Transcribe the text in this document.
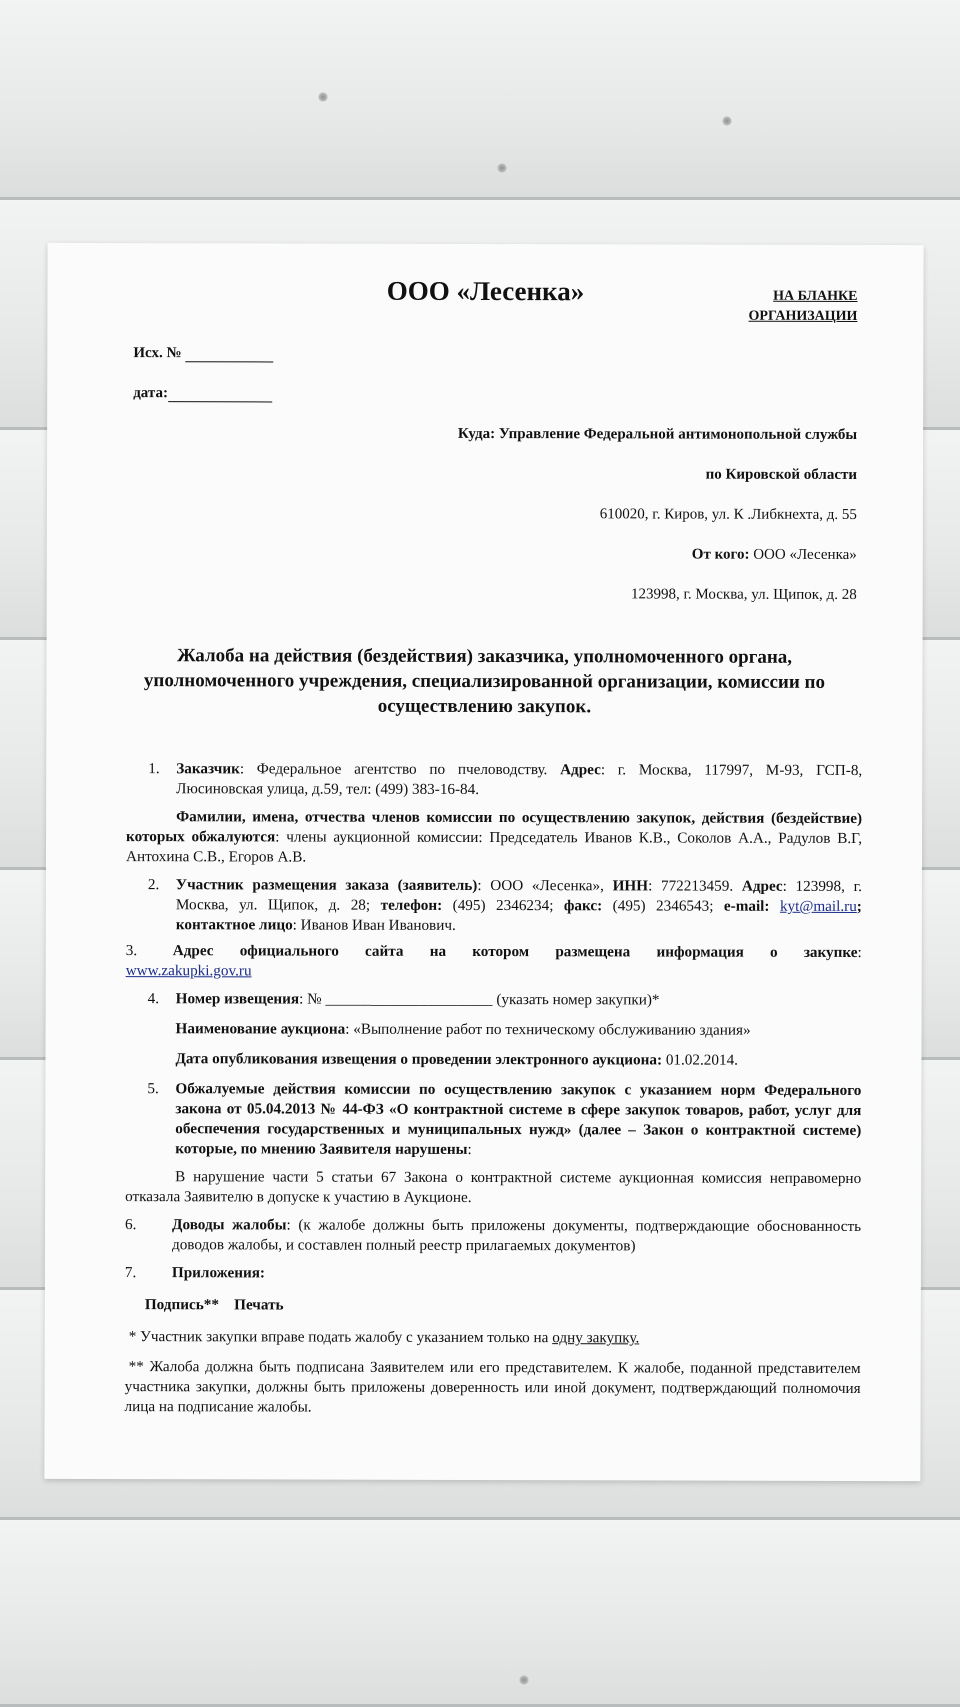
ООО «Лесенка»	НА БЛАНКЕ
ОРГАНИЗАЦИИ
Исх. №
дата:
Куда: Управление Федеральной антимонопольной службы
по Кировской области
610020, г. Киров, ул. К .Либкнехта, д. 55
От кого: ООО «Лесенка»
123998, г. Москва, ул. Щипок, д. 28
Жалоба на действия (бездействия) заказчика, уполномоченного органа, уполномоченного учреждения, специализированной организации, комиссии по осуществлению закупок.
1.	Заказчик: Федеральное агентство по пчеловодству. Адрес: г. Москва, 117997, М-93, ГСП-8, Люсиновская улица, д.59, тел: (499) 383-16-84.
Фамилии, имена, отчества членов комиссии по осуществлению закупок, действия (бездействие) которых обжалуются: члены аукционной комиссии: Председатель Иванов К.В., Соколов А.А., Радулов В.Г, Антохина С.В., Егоров А.В.
2.	Участник размещения заказа (заявитель): ООО «Лесенка», ИНН: 772213459. Адрес: 123998, г. Москва, ул. Щипок, д. 28; телефон: (495) 2346234; факс: (495) 2346543; e-mail: kyt@mail.ru; контактное лицо: Иванов Иван Иванович.
3.	Адрес официального сайта на котором размещена информация о закупке:
www.zakupki.gov.ru
4.	Номер извещения: № ______________________ (указать номер закупки)*
Наименование аукциона: «Выполнение работ по техническому обслуживанию здания»
Дата опубликования извещения о проведении электронного аукциона: 01.02.2014.
5.	Обжалуемые действия комиссии по осуществлению закупок с указанием норм Федерального закона от 05.04.2013 № 44-ФЗ «О контрактной системе в сфере закупок товаров, работ, услуг для обеспечения государственных и муниципальных нужд» (далее – Закон о контрактной системе) которые, по мнению Заявителя нарушены:
В нарушение части 5 статьи 67 Закона о контрактной системе аукционная комиссия неправомерно отказала Заявителю в допуске к участию в Аукционе.
6.	Доводы жалобы: (к жалобе должны быть приложены документы, подтверждающие обоснованность доводов жалобы, и составлен полный реестр прилагаемых документов)
7.	Приложения:
Подпись**    Печать
* Участник закупки вправе подать жалобу с указанием только на одну закупку.
** Жалоба должна быть подписана Заявителем или его представителем. К жалобе, поданной представителем участника закупки, должны быть приложены доверенность или иной документ, подтверждающий полномочия лица на подписание жалобы.
